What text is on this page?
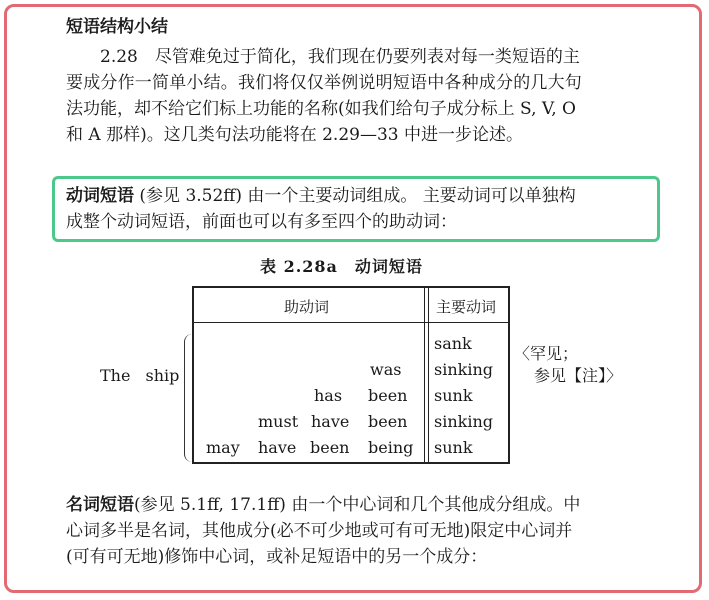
短语结构小结

2.28　尽管难免过于简化，我们现在仍要列表对每一类短语的主
要成分作一简单小结。我们将仅仅举例说明短语中各种成分的几大句
法功能，却不给它们标上功能的名称(如我们给句子成分标上 S, V, O
和 A 那样)。这几类句法功能将在 2.29—33 中进一步论述。

动词短语 (参见 3.52ff) 由一个主要动词组成。 主要动词可以单独构
成整个动词短语，前面也可以有多至四个的助动词：

表 2.28a　动词短语
助动词	主要动词
The ship
sank
was sinking
has been sunk
must have been sinking
may have been being sunk
〈罕见；
参见【注】〉

名词短语(参见 5.1ff, 17.1ff) 由一个中心词和几个其他成分组成。中
心词多半是名词，其他成分(必不可少地或可有可无地)限定中心词并
(可有可无地)修饰中心词，或补足短语中的另一个成分：
